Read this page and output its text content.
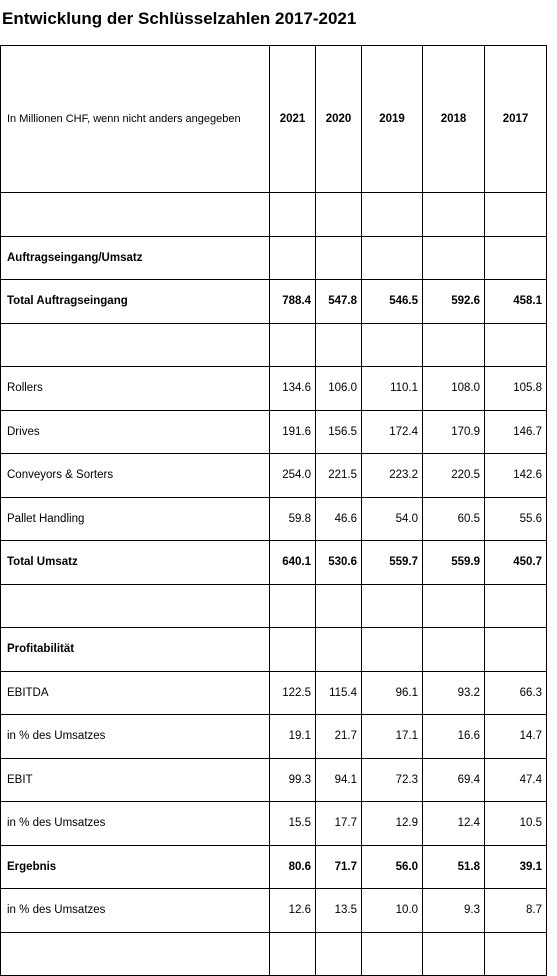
Entwicklung der Schlüsselzahlen 2017-2021
In Millionen CHF, wenn nicht anders angegeben	2021	2020	2019	2018	2017

Auftragseingang/Umsatz					
Total Auftragseingang	788.4	547.8	546.5	592.6	458.1

Rollers	134.6	106.0	110.1	108.0	105.8
Drives	191.6	156.5	172.4	170.9	146.7
Conveyors & Sorters	254.0	221.5	223.2	220.5	142.6
Pallet Handling	59.8	46.6	54.0	60.5	55.6
Total Umsatz	640.1	530.6	559.7	559.9	450.7

Profitabilität					
EBITDA	122.5	115.4	96.1	93.2	66.3
in % des Umsatzes	19.1	21.7	17.1	16.6	14.7
EBIT	99.3	94.1	72.3	69.4	47.4
in % des Umsatzes	15.5	17.7	12.9	12.4	10.5
Ergebnis	80.6	71.7	56.0	51.8	39.1
in % des Umsatzes	12.6	13.5	10.0	9.3	8.7
